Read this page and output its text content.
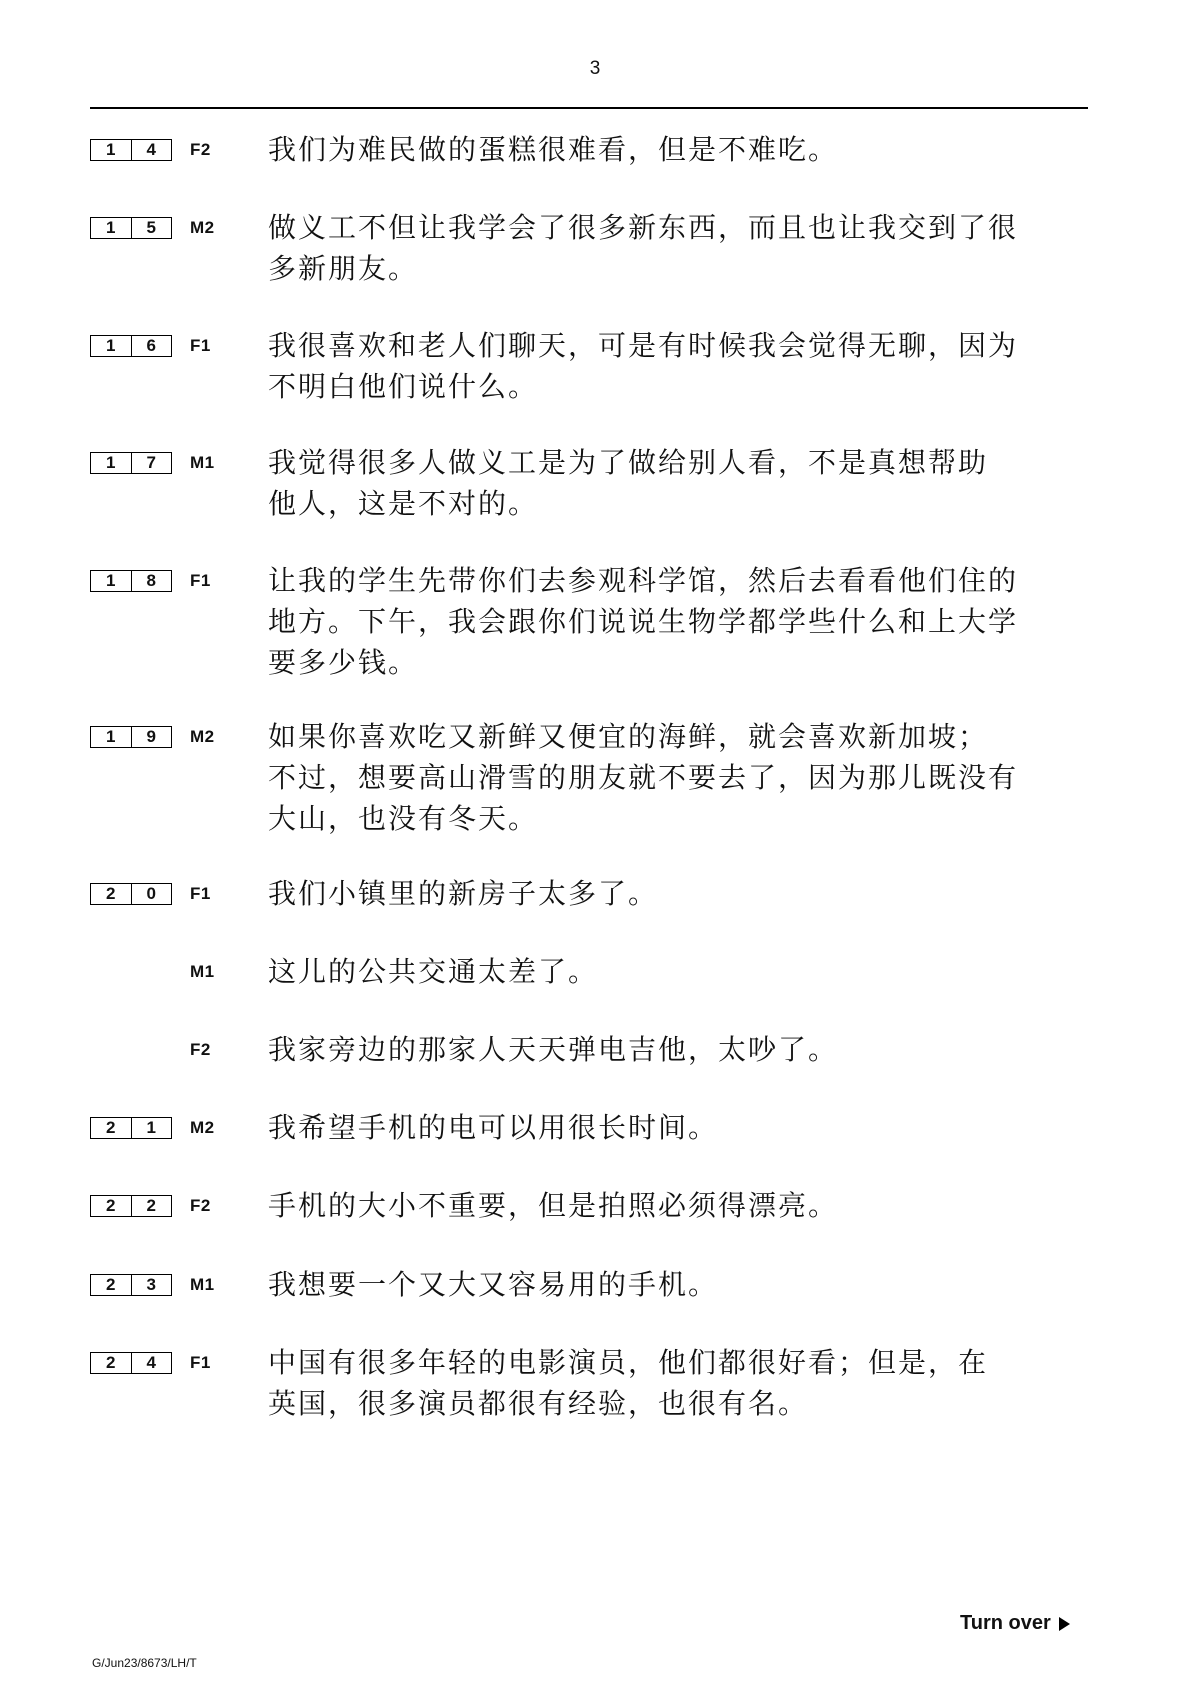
3
1	4	F2 我们为难民做的蛋糕很难看，但是不难吃。
1	5	M2 做义工不但让我学会了很多新东西，而且也让我交到了很
多新朋友。
1	6	F1 我很喜欢和老人们聊天，可是有时候我会觉得无聊，因为
不明白他们说什么。
1	7	M1 我觉得很多人做义工是为了做给别人看，不是真想帮助
他人，这是不对的。
1	8	F1 让我的学生先带你们去参观科学馆，然后去看看他们住的
地方。下午，我会跟你们说说生物学都学些什么和上大学
要多少钱。
1	9	M2 如果你喜欢吃又新鲜又便宜的海鲜，就会喜欢新加坡；
不过，想要高山滑雪的朋友就不要去了，因为那儿既没有
大山，也没有冬天。
2	0	F1 我们小镇里的新房子太多了。
M1 这儿的公共交通太差了。
F2 我家旁边的那家人天天弹电吉他，太吵了。
2	1	M2 我希望手机的电可以用很长时间。
2	2	F2 手机的大小不重要，但是拍照必须得漂亮。
2	3	M1 我想要一个又大又容易用的手机。
2	4	F1 中国有很多年轻的电影演员，他们都很好看；但是，在
英国，很多演员都很有经验，也很有名。
Turn over
G/Jun23/8673/LH/T
